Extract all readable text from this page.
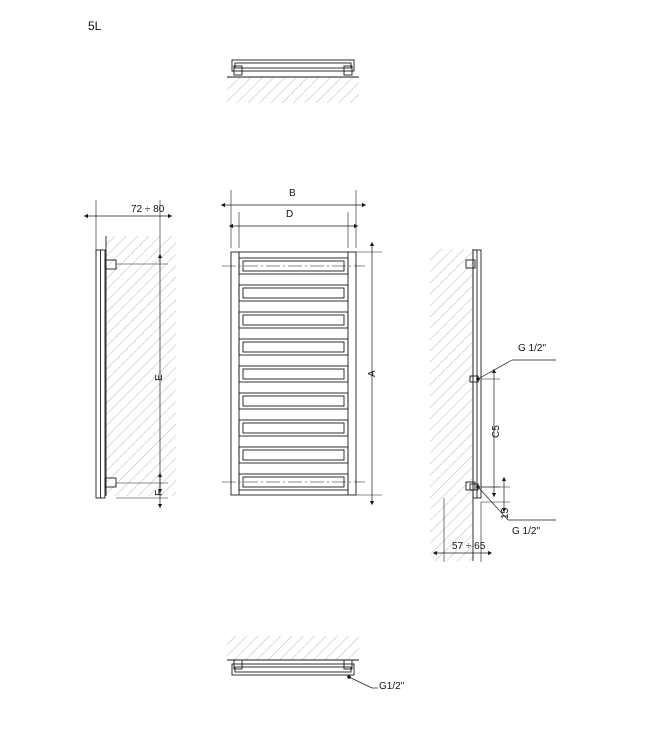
5L
72 ÷ 80
E
F
B
D
A
G 1/2"
C5
15
G 1/2"
57 ÷ 65
G1/2"
